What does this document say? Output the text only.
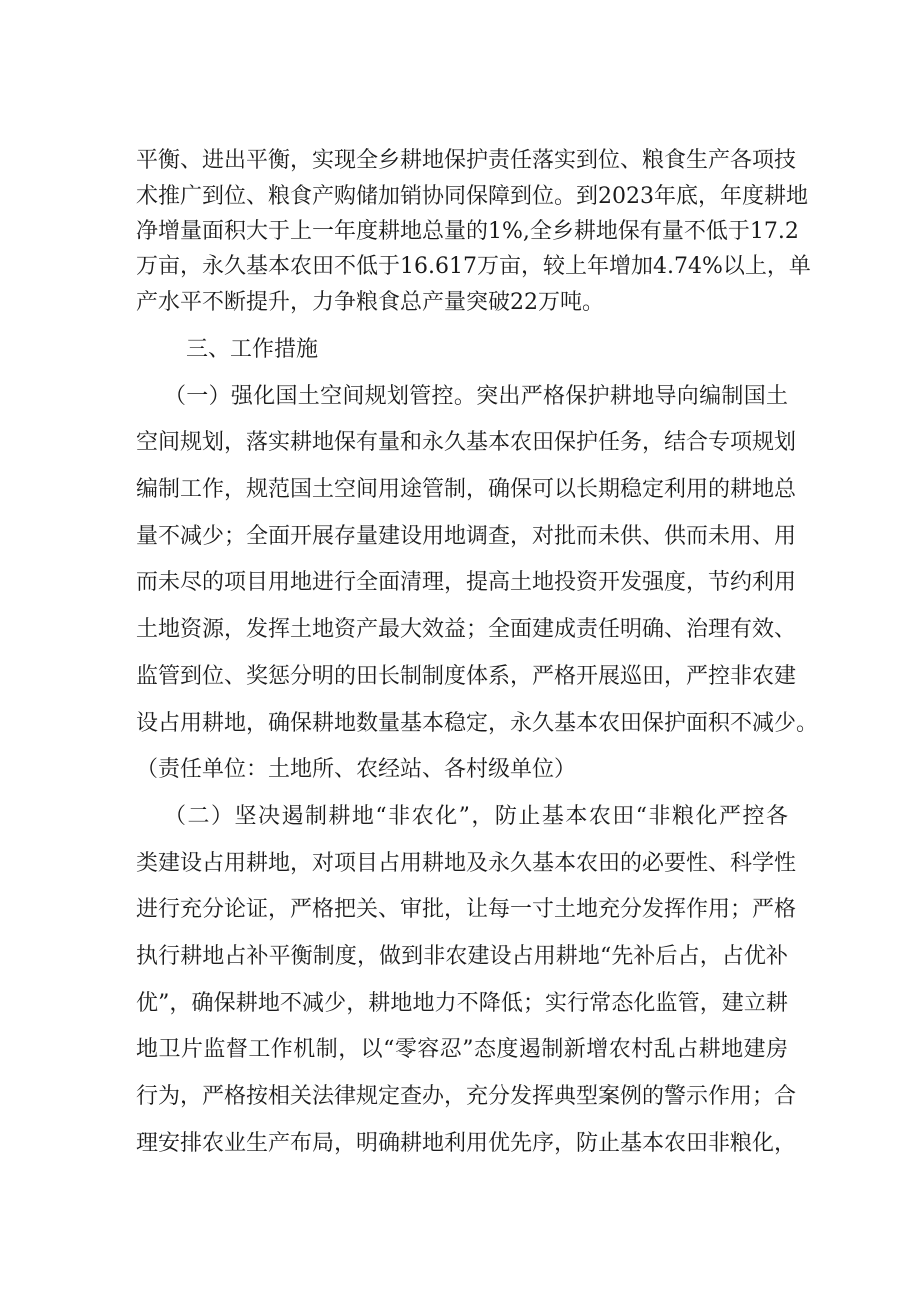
平衡、进出平衡，实现全乡耕地保护责任落实到位、粮食生产各项技
术推广到位、粮食产购储加销协同保障到位。到2023年底，年度耕地
净增量面积大于上一年度耕地总量的1%,全乡耕地保有量不低于17.2
万亩，永久基本农田不低于16.617万亩，较上年增加4.74%以上，单
产水平不断提升，力争粮食总产量突破22万吨。
三、工作措施
（一）强化国土空间规划管控。突出严格保护耕地导向编制国土
空间规划，落实耕地保有量和永久基本农田保护任务，结合专项规划
编制工作，规范国土空间用途管制，确保可以长期稳定利用的耕地总
量不减少；全面开展存量建设用地调查，对批而未供、供而未用、用
而未尽的项目用地进行全面清理，提高土地投资开发强度，节约利用
土地资源，发挥土地资产最大效益；全面建成责任明确、治理有效、
监管到位、奖惩分明的田长制制度体系，严格开展巡田，严控非农建
设占用耕地，确保耕地数量基本稳定，永久基本农田保护面积不减少。
（责任单位：土地所、农经站、各村级单位）
（二）坚决遏制耕地“非农化”，防止基本农田“非粮化严控各
类建设占用耕地，对项目占用耕地及永久基本农田的必要性、科学性
进行充分论证，严格把关、审批，让每一寸土地充分发挥作用；严格
执行耕地占补平衡制度，做到非农建设占用耕地“先补后占，占优补
优”，确保耕地不减少，耕地地力不降低；实行常态化监管，建立耕
地卫片监督工作机制，以“零容忍”态度遏制新增农村乱占耕地建房
行为，严格按相关法律规定查办，充分发挥典型案例的警示作用；合
理安排农业生产布局，明确耕地利用优先序，防止基本农田非粮化，
